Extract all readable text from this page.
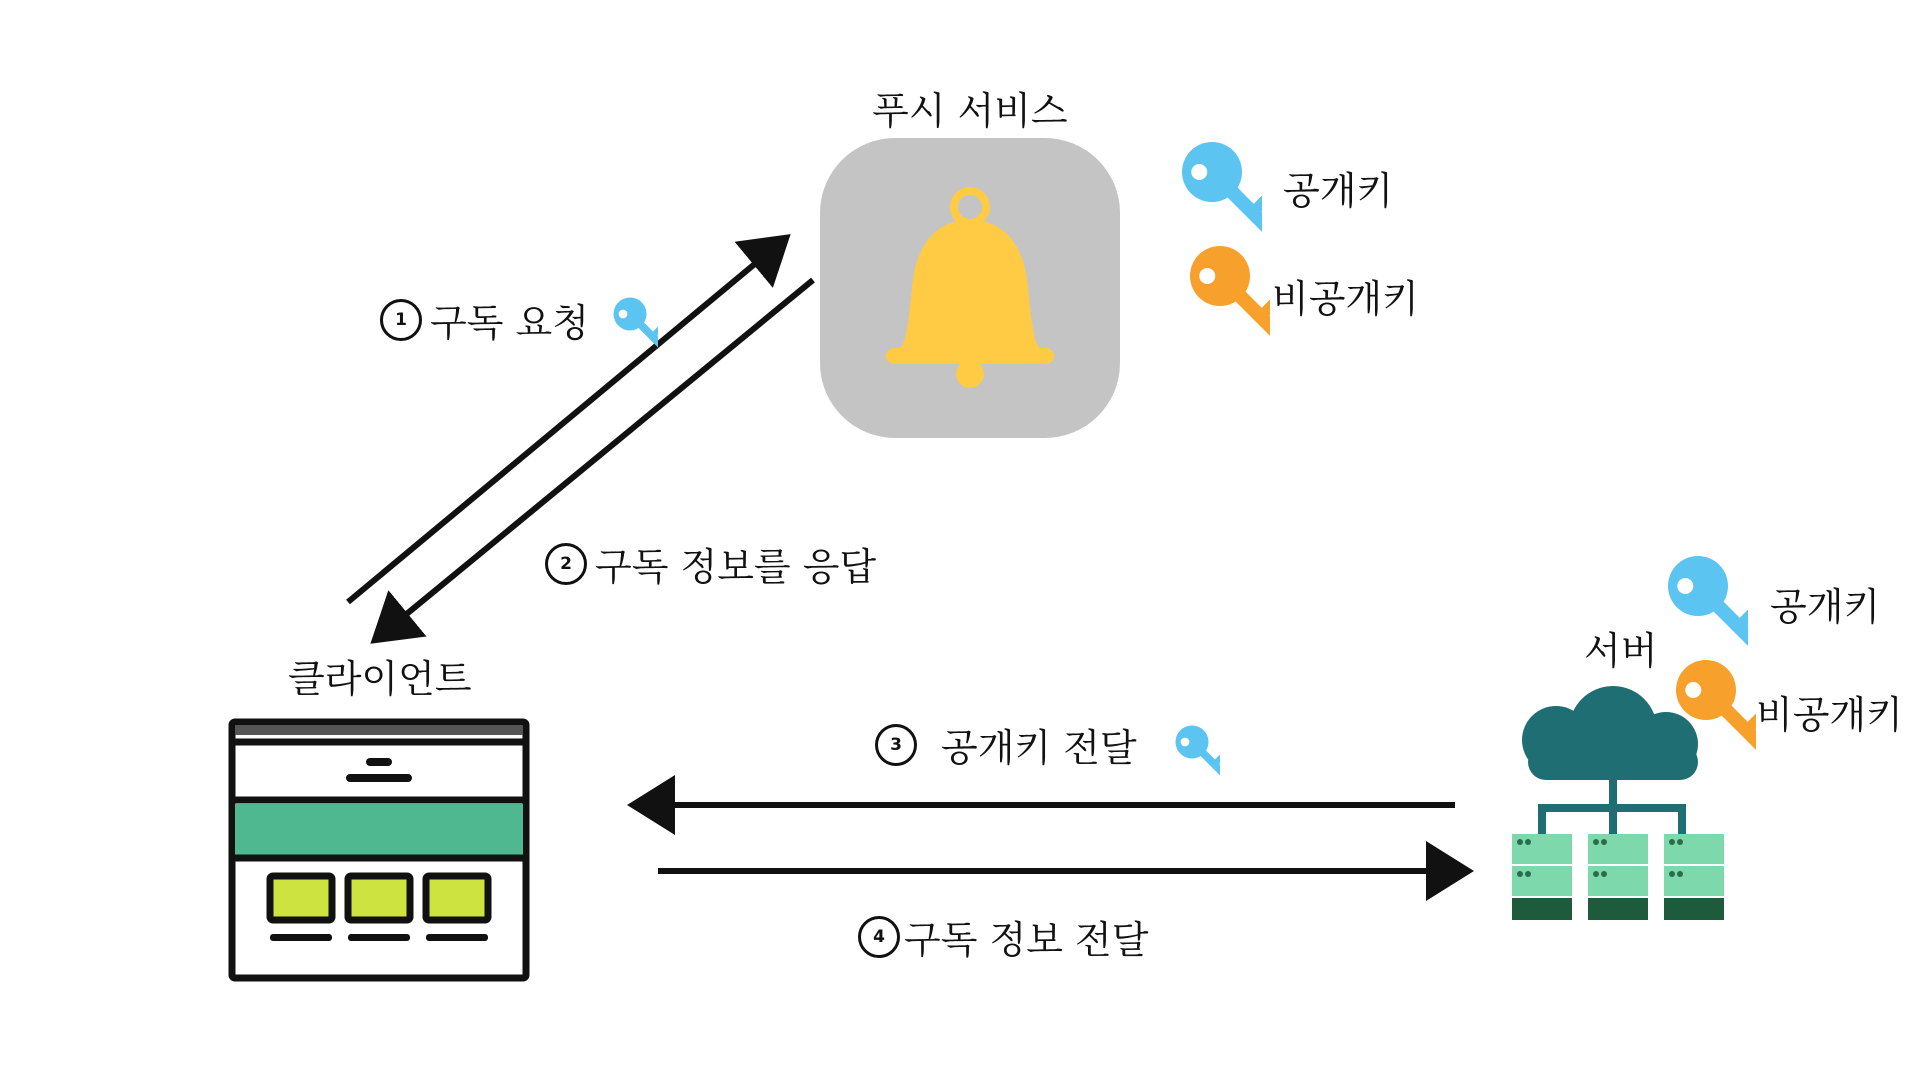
푸시 서비스
공개키
비공개키
1 구독 요청
2 구독 정보를 응답
클라이언트
3	공개키 전달
4 구독 정보 전달
서버
공개키
비공개키
